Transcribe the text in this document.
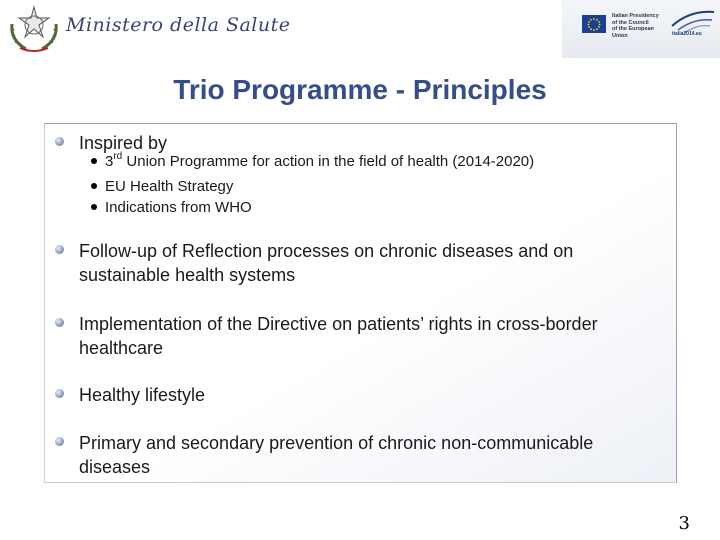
Ministero della Salute	Italian Presidency
of the Council
of the European Union	italia2014.eu
Trio Programme - Principles
Inspired by
3rd Union Programme for action in the field of health (2014-2020)
EU Health Strategy
Indications from WHO
Follow-up of Reflection processes on chronic diseases and on
sustainable health systems
Implementation of the Directive on patients’ rights in cross-border
healthcare
Healthy lifestyle
Primary and secondary prevention of chronic non-communicable
diseases
3
